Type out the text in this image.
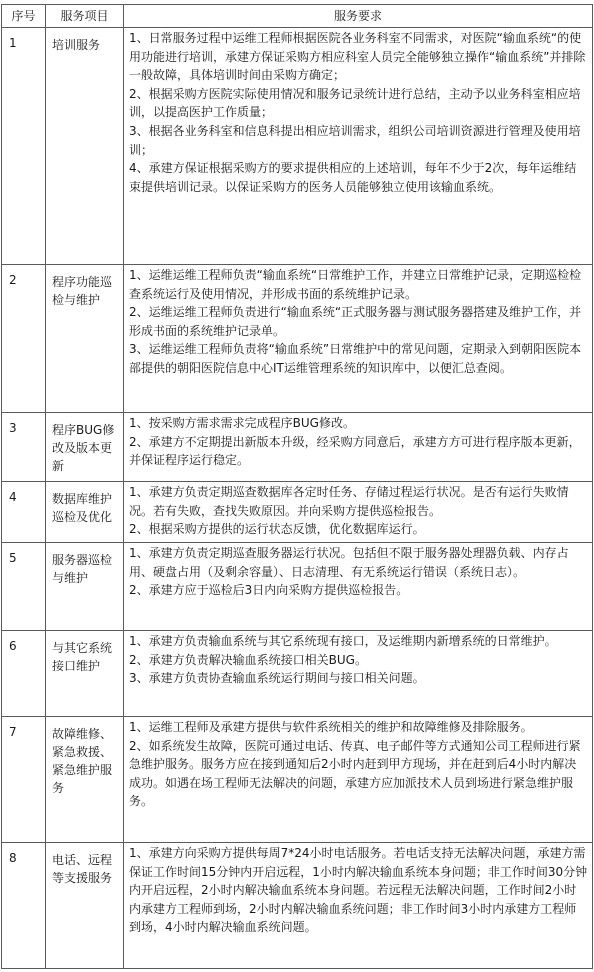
序号	服务项目	服务要求
1	培训服务	1、日常服务过程中运维工程师根据医院各业务科室不同需求，对医院“输血系统“的使用功能进行培训，承建方保证采购方相应科室人员完全能够独立操作“输血系统”并排除一般故障，具体培训时间由采购方确定；

2、根据采购方医院实际使用情况和服务记录统计进行总结，主动予以业务科室相应培训，以提高医护工作质量；

3、根据各业务科室和信息科提出相应培训需求，组织公司培训资源进行管理及使用培训；

4、承建方保证根据采购方的要求提供相应的上述培训，每年不少于2次，每年运维结束提供培训记录。以保证采购方的医务人员能够独立使用该输血系统。

2	程序功能巡检与维护	1、运维运维工程师负责“输血系统“日常维护工作，并建立日常维护记录，定期巡检检查系统运行及使用情况，并形成书面的系统维护记录。

2、运维运维工程师负责进行“输血系统“正式服务器与测试服务器搭建及维护工作，并形成书面的系统维护记录单。

3、运维运维工程师负责将“输血系统”日常维护中的常见问题，定期录入到朝阳医院本部提供的朝阳医院信息中心IT运维管理系统的知识库中，以便汇总查阅。

3	程序BUG修改及版本更新	1、按采购方需求需求完成程序BUG修改。

2、承建方不定期提出新版本升级，经采购方同意后，承建方方可进行程序版本更新，并保证程序运行稳定。

4	数据库维护巡检及优化	1、承建方负责定期巡查数据库各定时任务、存储过程运行状况。是否有运行失败情况。若有失败，查找失败原因。并向采购方提供巡检报告。

2、根据采购方提供的运行状态反馈，优化数据库运行。

5	服务器巡检与维护	1、承建方负责定期巡查服务器运行状况。包括但不限于服务器处理器负载、内存占用、硬盘占用（及剩余容量）、日志清理、有无系统运行错误（系统日志）。

2、承建方应于巡检后3日内向采购方提供巡检报告。

6	与其它系统接口维护	1、承建方负责输血系统与其它系统现有接口，及运维期内新增系统的日常维护。

2、承建方负责解决输血系统接口相关BUG。

3、承建方负责协查输血系统运行期间与接口相关问题。

7	故障维修、紧急救援、紧急维护服务	1、运维工程师及承建方提供与软件系统相关的维护和故障维修及排除服务。

2、如系统发生故障，医院可通过电话、传真、电子邮件等方式通知公司工程师进行紧急维护服务。服务方应在接到通知后2小时内赶到甲方现场，并在赶到后4小时内解决成功。如遇在场工程师无法解决的问题，承建方应加派技术人员到场进行紧急维护服务。

8	电话、远程等支援服务	1、承建方向采购方提供每周7*24小时电话服务。若电话支持无法解决问题，承建方需保证工作时间15分钟内开启远程，1小时内解决输血系统本身问题；非工作时间30分钟内开启远程，2小时内解决输血系统本身问题。若远程无法解决问题，工作时间2小时内承建方工程师到场，2小时内解决输血系统问题；非工作时间3小时内承建方工程师到场，4小时内解决输血系统问题。
